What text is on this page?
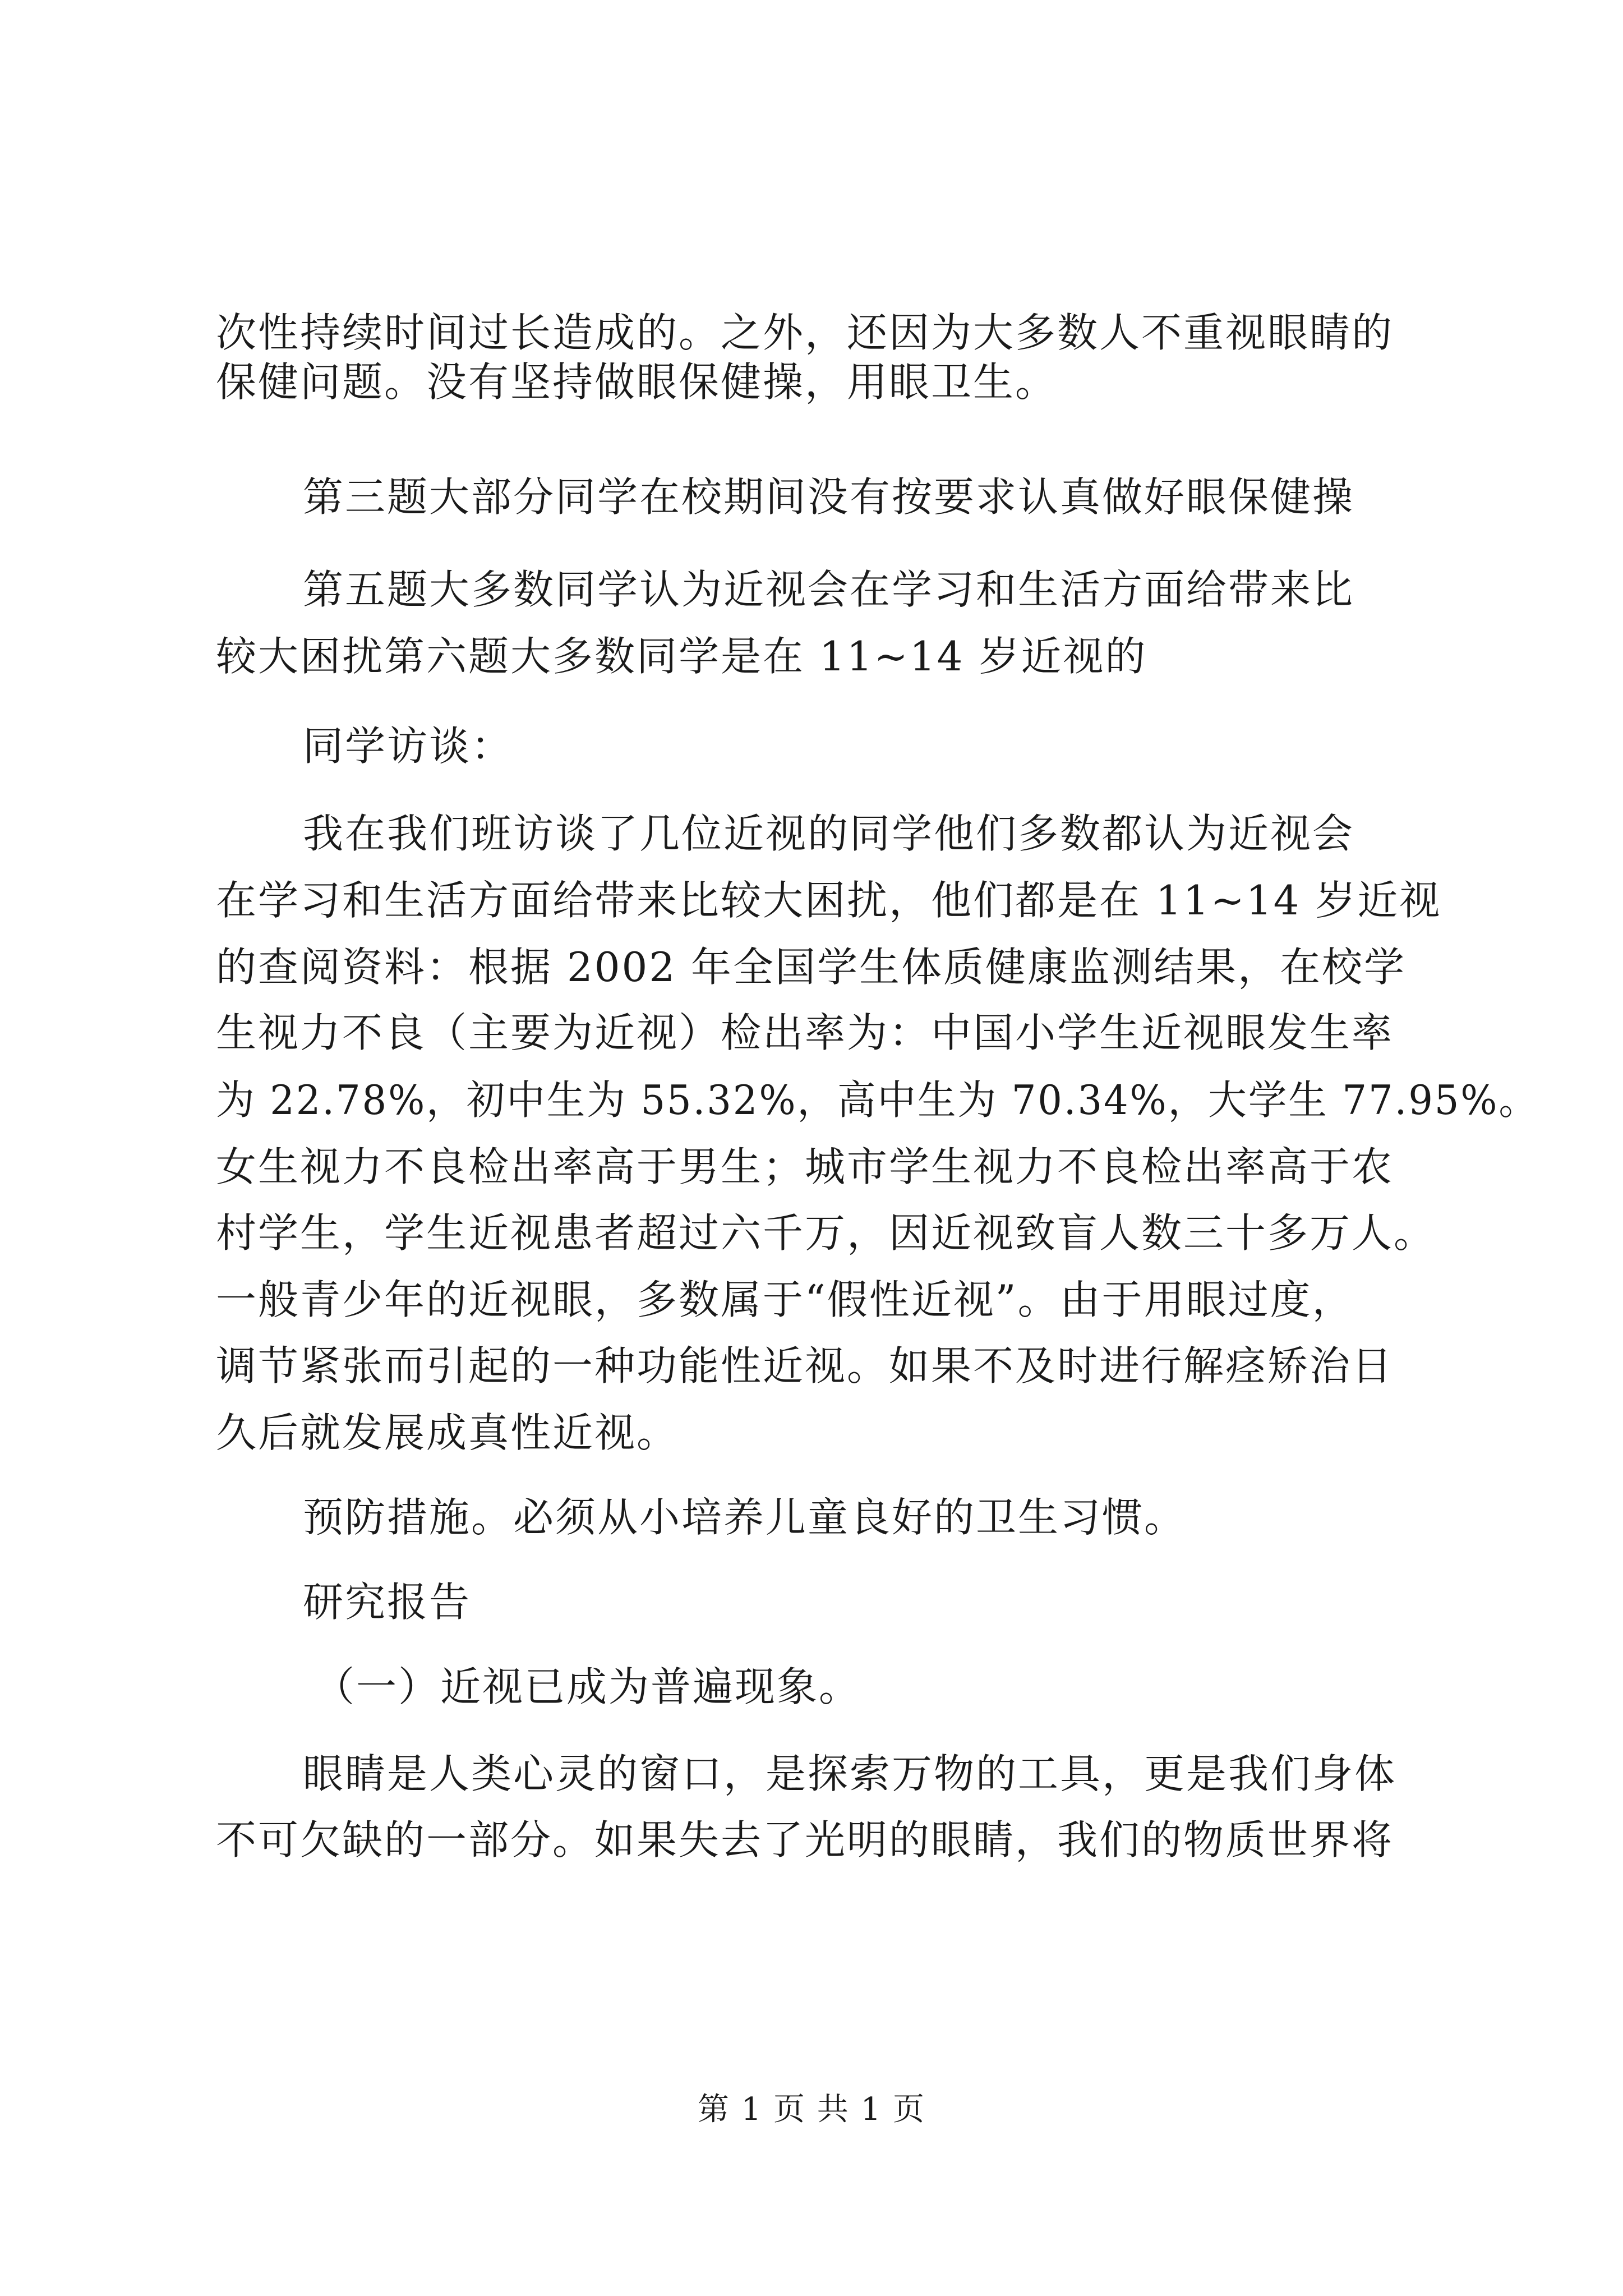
次性持续时间过长造成的。之外，还因为大多数人不重视眼睛的
保健问题。没有坚持做眼保健操，用眼卫生。
第三题大部分同学在校期间没有按要求认真做好眼保健操
第五题大多数同学认为近视会在学习和生活方面给带来比
较大困扰第六题大多数同学是在 11~14 岁近视的
同学访谈：
我在我们班访谈了几位近视的同学他们多数都认为近视会
在学习和生活方面给带来比较大困扰，他们都是在 11~14 岁近视
的查阅资料：根据 2002 年全国学生体质健康监测结果，在校学
生视力不良（主要为近视）检出率为：中国小学生近视眼发生率
为 22.78%，初中生为 55.32%，高中生为 70.34%，大学生 77.95%。
女生视力不良检出率高于男生；城市学生视力不良检出率高于农
村学生，学生近视患者超过六千万，因近视致盲人数三十多万人。
一般青少年的近视眼，多数属于“假性近视”。由于用眼过度，
调节紧张而引起的一种功能性近视。如果不及时进行解痉矫治日
久后就发展成真性近视。
预防措施。必须从小培养儿童良好的卫生习惯。
研究报告
（一）近视已成为普遍现象。
眼睛是人类心灵的窗口，是探索万物的工具，更是我们身体
不可欠缺的一部分。如果失去了光明的眼睛，我们的物质世界将
第 1 页 共 1 页
